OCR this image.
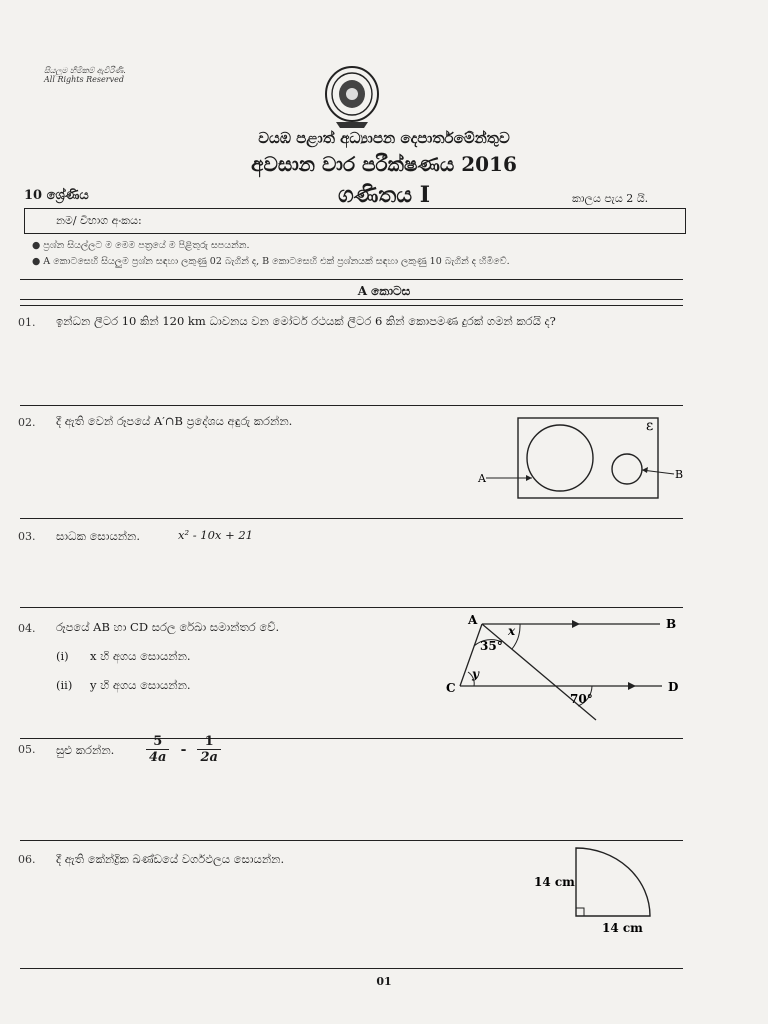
සියලුම හිමිකම් ඇවිරිණි.
All Rights Reserved
වයඹ පළාත් අධ්‍යාපන දෙපාර්තමේන්තුව
අවසාන වාර පරීක්ෂණය 2016
10 ශ්‍රේණිය	ගණිතය I	කාලය පැය 2 යි.
නම/ විභාග අංකය:
● ප්‍රශ්න සියල්ලට ම මෙම පත්‍රයේ ම පිළිතුරු සපයන්න.
● A කොටසෙහි සියලුම ප්‍රශ්න සඳහා ලකුණු 02 බැගින් ද, B කොටසෙහි එක් ප්‍රශ්නයක් සඳහා ලකුණු 10 බැගින් ද හිමිවේ.
A කොටස
01. ඉන්ධන ලීටර 10 කින් 120 km ධාවනය වන මෝටර් රථයක් ලීටර 6 කින් කොපමණ දුරක් ගමන් කරයි ද?
02. දී ඇති වෙන් රූපයේ A′∩B ප්‍රදේශය අඳුරු කරන්න.
A	B
ε
03. සාධක සොයන්න.	x² - 10x + 21
04. රූපයේ AB හා CD සරල රේඛා සමාන්තර වේ.
(i) x හි අගය සොයන්න.
(ii) y හි අගය සොයන්න.
A	B
C	D
35°
x
y
70°
05. සුළු කරන්න. $\frac{5}{4a} - \frac{1}{2a}$
06. දී ඇති කේන්ද්‍රික ඛණ්ඩයේ වර්ගඵලය සොයන්න.
14 cm
14 cm
01
